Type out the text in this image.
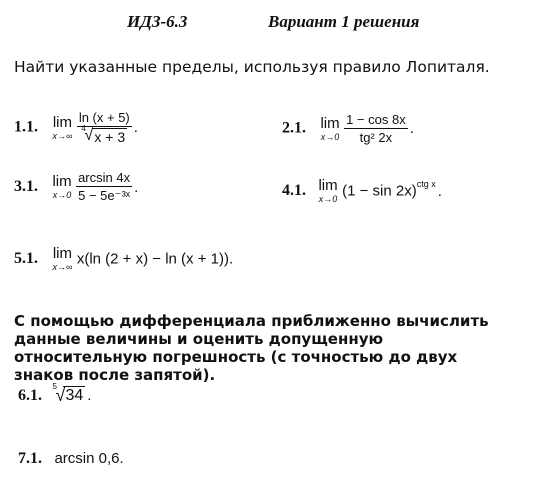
ИДЗ-6.3	Вариант 1 решения
Найти указанные пределы, используя правило Лопиталя.
1.1. lim
x→∞
ln (x + 5)
4
√ x + 3 .	2.1. lim
x→0
$\frac{1 - \cos 8x}{\text{tg² 2x}}$ .
3.1. lim
x→0
$\frac{\arcsin 4x}{\text{5 − 5e⁻³ˣ}}$ .	4.1. lim
x→0 $(1 - \sin 2x)^{ctg x}$ .
5.1. lim
x→∞ x(ln (2 + x) − ln (x + 1)).
С помощью дифференциала приближенно вычислить данные величины и оценить допущенную относительную погрешность (с точностью до двух знаков после запятой).
6.1.
5
√ 34 .
7.1. arcsin 0,6.
